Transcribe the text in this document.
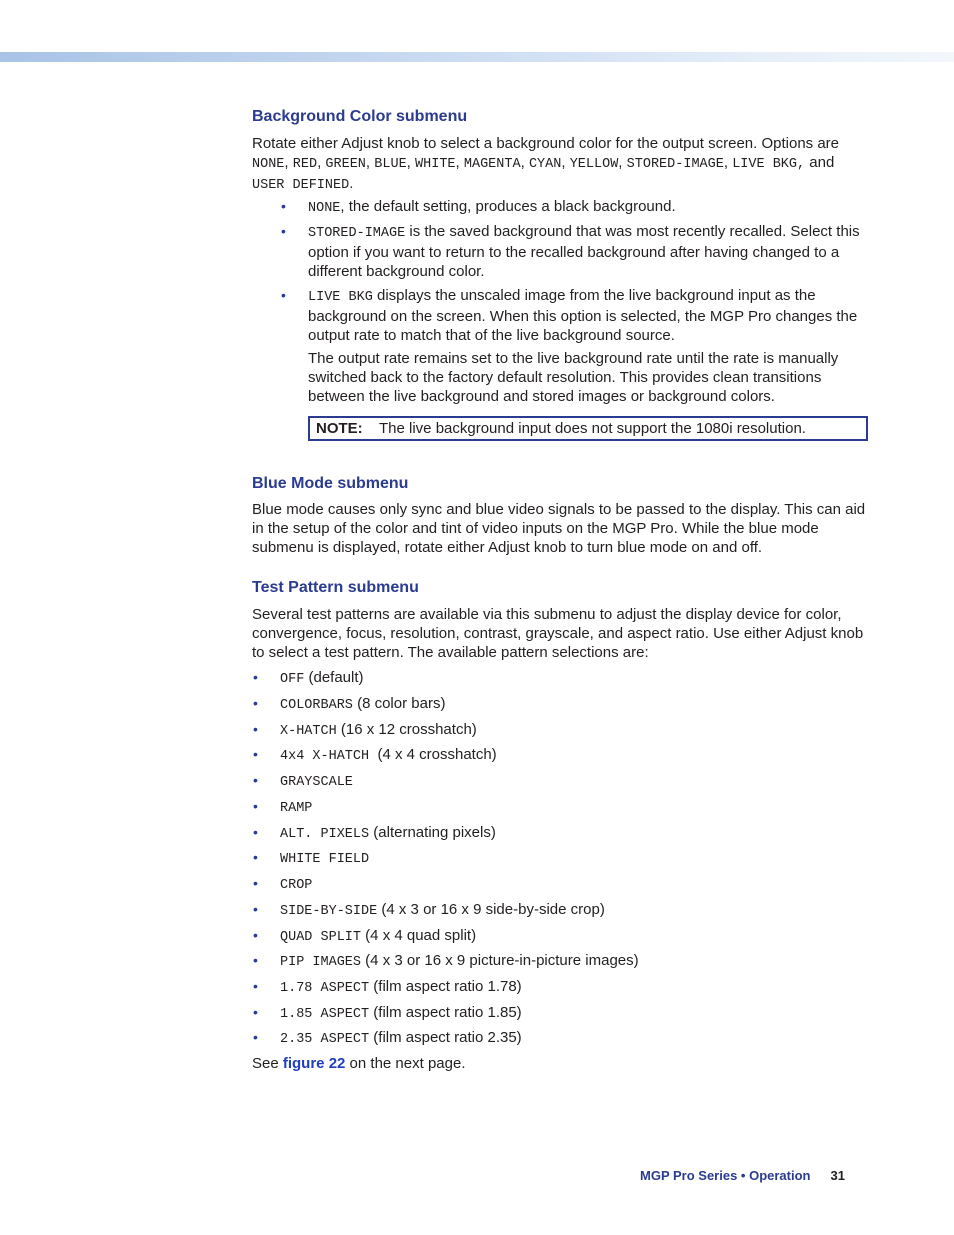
Background Color submenu

Rotate either Adjust knob to select a background color for the output screen. Options are NONE, RED, GREEN, BLUE, WHITE, MAGENTA, CYAN, YELLOW, STORED-IMAGE, LIVE BKG, and
USER DEFINED.

• NONE, the default setting, produces a black background.

• STORED-IMAGE is the saved background that was most recently recalled. Select this option if you want to return to the recalled background after having changed to a different background color.

• LIVE BKG displays the unscaled image from the live background input as the background on the screen. When this option is selected, the MGP Pro changes the output rate to match that of the live background source.

The output rate remains set to the live background rate until the rate is manually switched back to the factory default resolution. This provides clean transitions between the live background and stored images or background colors.

NOTE: The live background input does not support the 1080i resolution.
Blue Mode submenu

Blue mode causes only sync and blue video signals to be passed to the display. This can aid in the setup of the color and tint of video inputs on the MGP Pro. While the blue mode submenu is displayed, rotate either Adjust knob to turn blue mode on and off.

Test Pattern submenu

Several test patterns are available via this submenu to adjust the display device for color, convergence, focus, resolution, contrast, grayscale, and aspect ratio. Use either Adjust knob to select a test pattern. The available pattern selections are:

• OFF (default)

• COLORBARS (8 color bars)

• X-HATCH (16 x 12 crosshatch)

• 4x4 X-HATCH  (4 x 4 crosshatch)

• GRAYSCALE

• RAMP

• ALT. PIXELS (alternating pixels)

• WHITE FIELD

• CROP

• SIDE-BY-SIDE (4 x 3 or 16 x 9 side-by-side crop)

• QUAD SPLIT (4 x 4 quad split)

• PIP IMAGES (4 x 3 or 16 x 9 picture-in-picture images)

• 1.78 ASPECT (film aspect ratio 1.78)

• 1.85 ASPECT (film aspect ratio 1.85)

• 2.35 ASPECT (film aspect ratio 2.35)

See figure 22 on the next page.

MGP Pro Series • Operation 31
